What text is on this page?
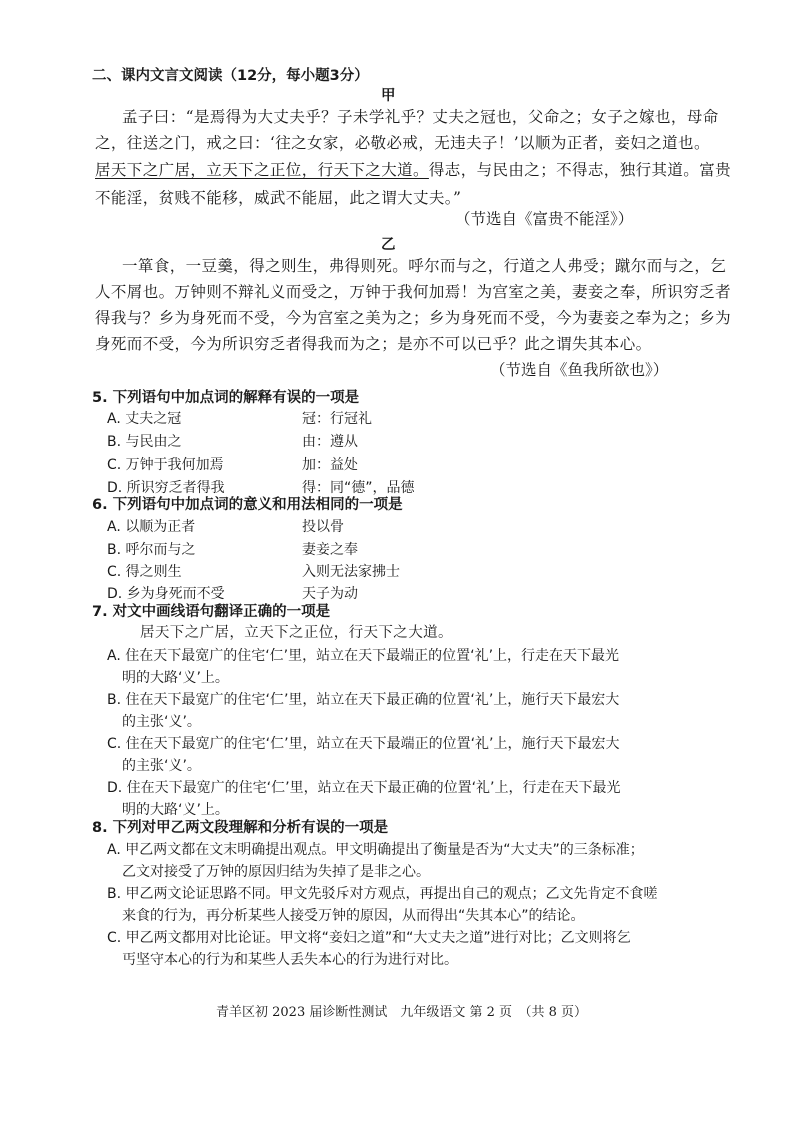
二、课内文言文阅读（12分，每小题3分）
甲
孟子曰：“是焉得为大丈夫乎？子未学礼乎？丈夫之冠也，父命之；女子之嫁也，母命
之，往送之门，戒之曰：‘往之女家，必敬必戒，无违夫子！’以顺为正者，妾妇之道也。
居天下之广居，立天下之正位，行天下之大道。得志，与民由之；不得志，独行其道。富贵
不能淫，贫贱不能移，威武不能屈，此之谓大丈夫。”
（节选自《富贵不能淫》）
乙
一箪食，一豆羹，得之则生，弗得则死。呼尔而与之，行道之人弗受；蹴尔而与之，乞
人不屑也。万钟则不辩礼义而受之，万钟于我何加焉！为宫室之美，妻妾之奉，所识穷乏者
得我与？乡为身死而不受，今为宫室之美为之；乡为身死而不受，今为妻妾之奉为之；乡为
身死而不受，今为所识穷乏者得我而为之；是亦不可以已乎？此之谓失其本心。
（节选自《鱼我所欲也》）
5. 下列语句中加点词的解释有误的一项是
A. 丈夫之冠	冠：行冠礼
B. 与民由之	由：遵从
C. 万钟于我何加焉	加：益处
D. 所识穷乏者得我	得：同“德”，品德
6. 下列语句中加点词的意义和用法相同的一项是
A. 以顺为正者	投以骨
B. 呼尔而与之	妻妾之奉
C. 得之则生	入则无法家拂士
D. 乡为身死而不受	天子为动
7. 对文中画线语句翻译正确的一项是
居天下之广居，立天下之正位，行天下之大道。
A. 住在天下最宽广的住宅‘仁’里，站立在天下最端正的位置‘礼’上，行走在天下最光
明的大路‘义’上。
B. 住在天下最宽广的住宅‘仁’里，站立在天下最正确的位置‘礼’上，施行天下最宏大
的主张‘义’。
C. 住在天下最宽广的住宅‘仁’里，站立在天下最端正的位置‘礼’上，施行天下最宏大
的主张‘义’。
D. 住在天下最宽广的住宅‘仁’里，站立在天下最正确的位置‘礼’上，行走在天下最光
明的大路‘义’上。
8. 下列对甲乙两文段理解和分析有误的一项是
A. 甲乙两文都在文末明确提出观点。甲文明确提出了衡量是否为“大丈夫”的三条标准；
乙文对接受了万钟的原因归结为失掉了是非之心。
B. 甲乙两文论证思路不同。甲文先驳斥对方观点，再提出自己的观点；乙文先肯定不食嗟
来食的行为，再分析某些人接受万钟的原因，从而得出“失其本心”的结论。
C. 甲乙两文都用对比论证。甲文将“妾妇之道”和“大丈夫之道”进行对比；乙文则将乞
丐坚守本心的行为和某些人丢失本心的行为进行对比。
青羊区初 2023 届诊断性测试　九年级语文 第 2 页　（共 8 页）
